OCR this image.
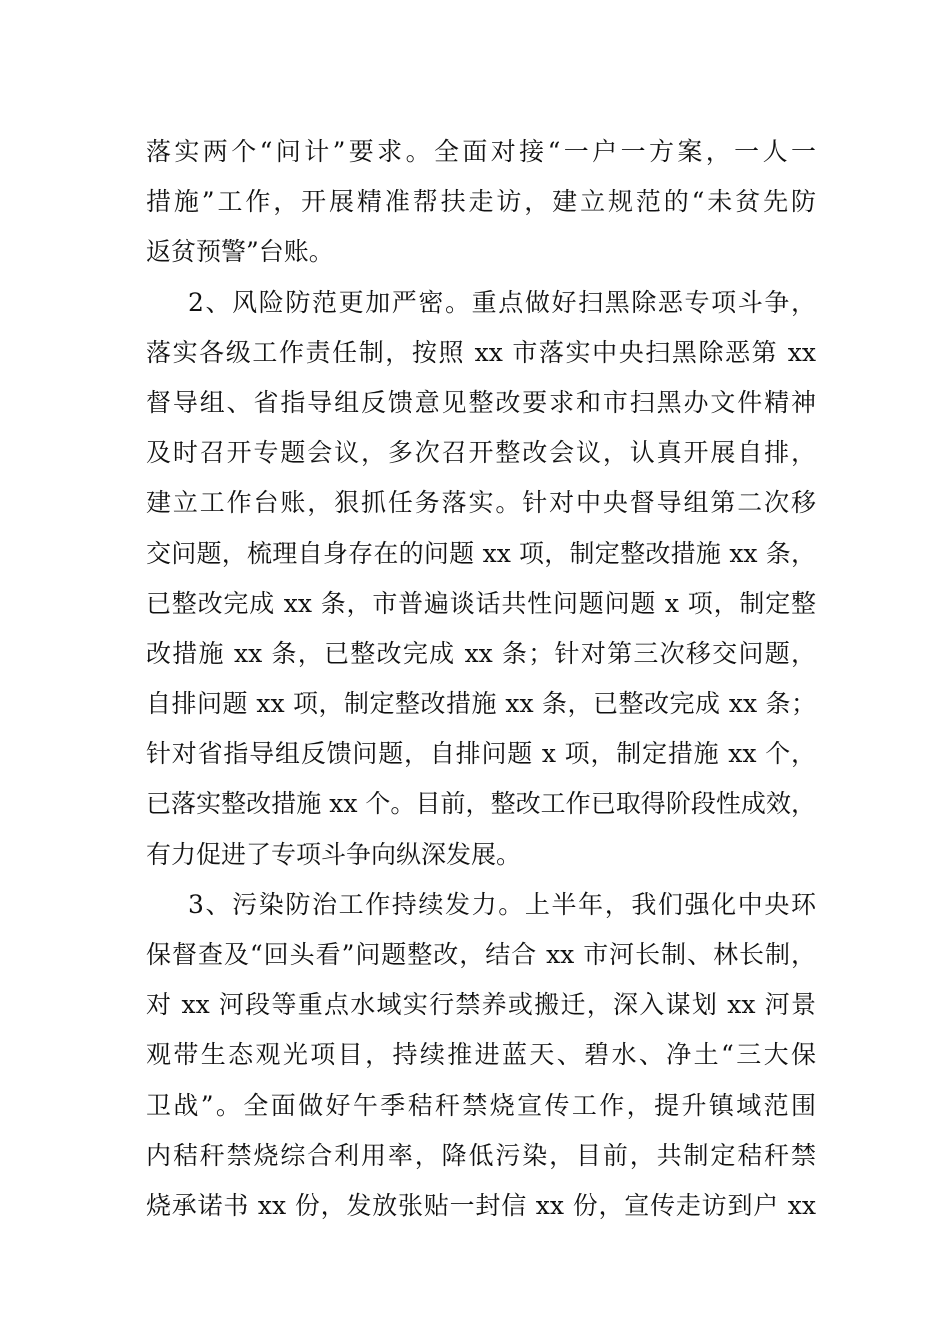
落实两个“问计”要求。全面对接“一户一方案，一人一
措施”工作，开展精准帮扶走访，建立规范的“未贫先防
返贫预警”台账。
2、风险防范更加严密。重点做好扫黑除恶专项斗争，
落实各级工作责任制，按照 xx 市落实中央扫黑除恶第 xx
督导组、省指导组反馈意见整改要求和市扫黑办文件精神
及时召开专题会议，多次召开整改会议，认真开展自排，
建立工作台账，狠抓任务落实。针对中央督导组第二次移
交问题，梳理自身存在的问题 xx 项，制定整改措施 xx 条，
已整改完成 xx 条，市普遍谈话共性问题问题 x 项，制定整
改措施 xx 条，已整改完成 xx 条；针对第三次移交问题，
自排问题 xx 项，制定整改措施 xx 条，已整改完成 xx 条；
针对省指导组反馈问题，自排问题 x 项，制定措施 xx 个，
已落实整改措施 xx 个。目前，整改工作已取得阶段性成效，
有力促进了专项斗争向纵深发展。
3、污染防治工作持续发力。上半年，我们强化中央环
保督查及“回头看”问题整改，结合 xx 市河长制、林长制，
对 xx 河段等重点水域实行禁养或搬迁，深入谋划 xx 河景
观带生态观光项目，持续推进蓝天、碧水、净土“三大保
卫战”。全面做好午季秸秆禁烧宣传工作，提升镇域范围
内秸秆禁烧综合利用率，降低污染，目前，共制定秸秆禁
烧承诺书 xx 份，发放张贴一封信 xx 份，宣传走访到户 xx
